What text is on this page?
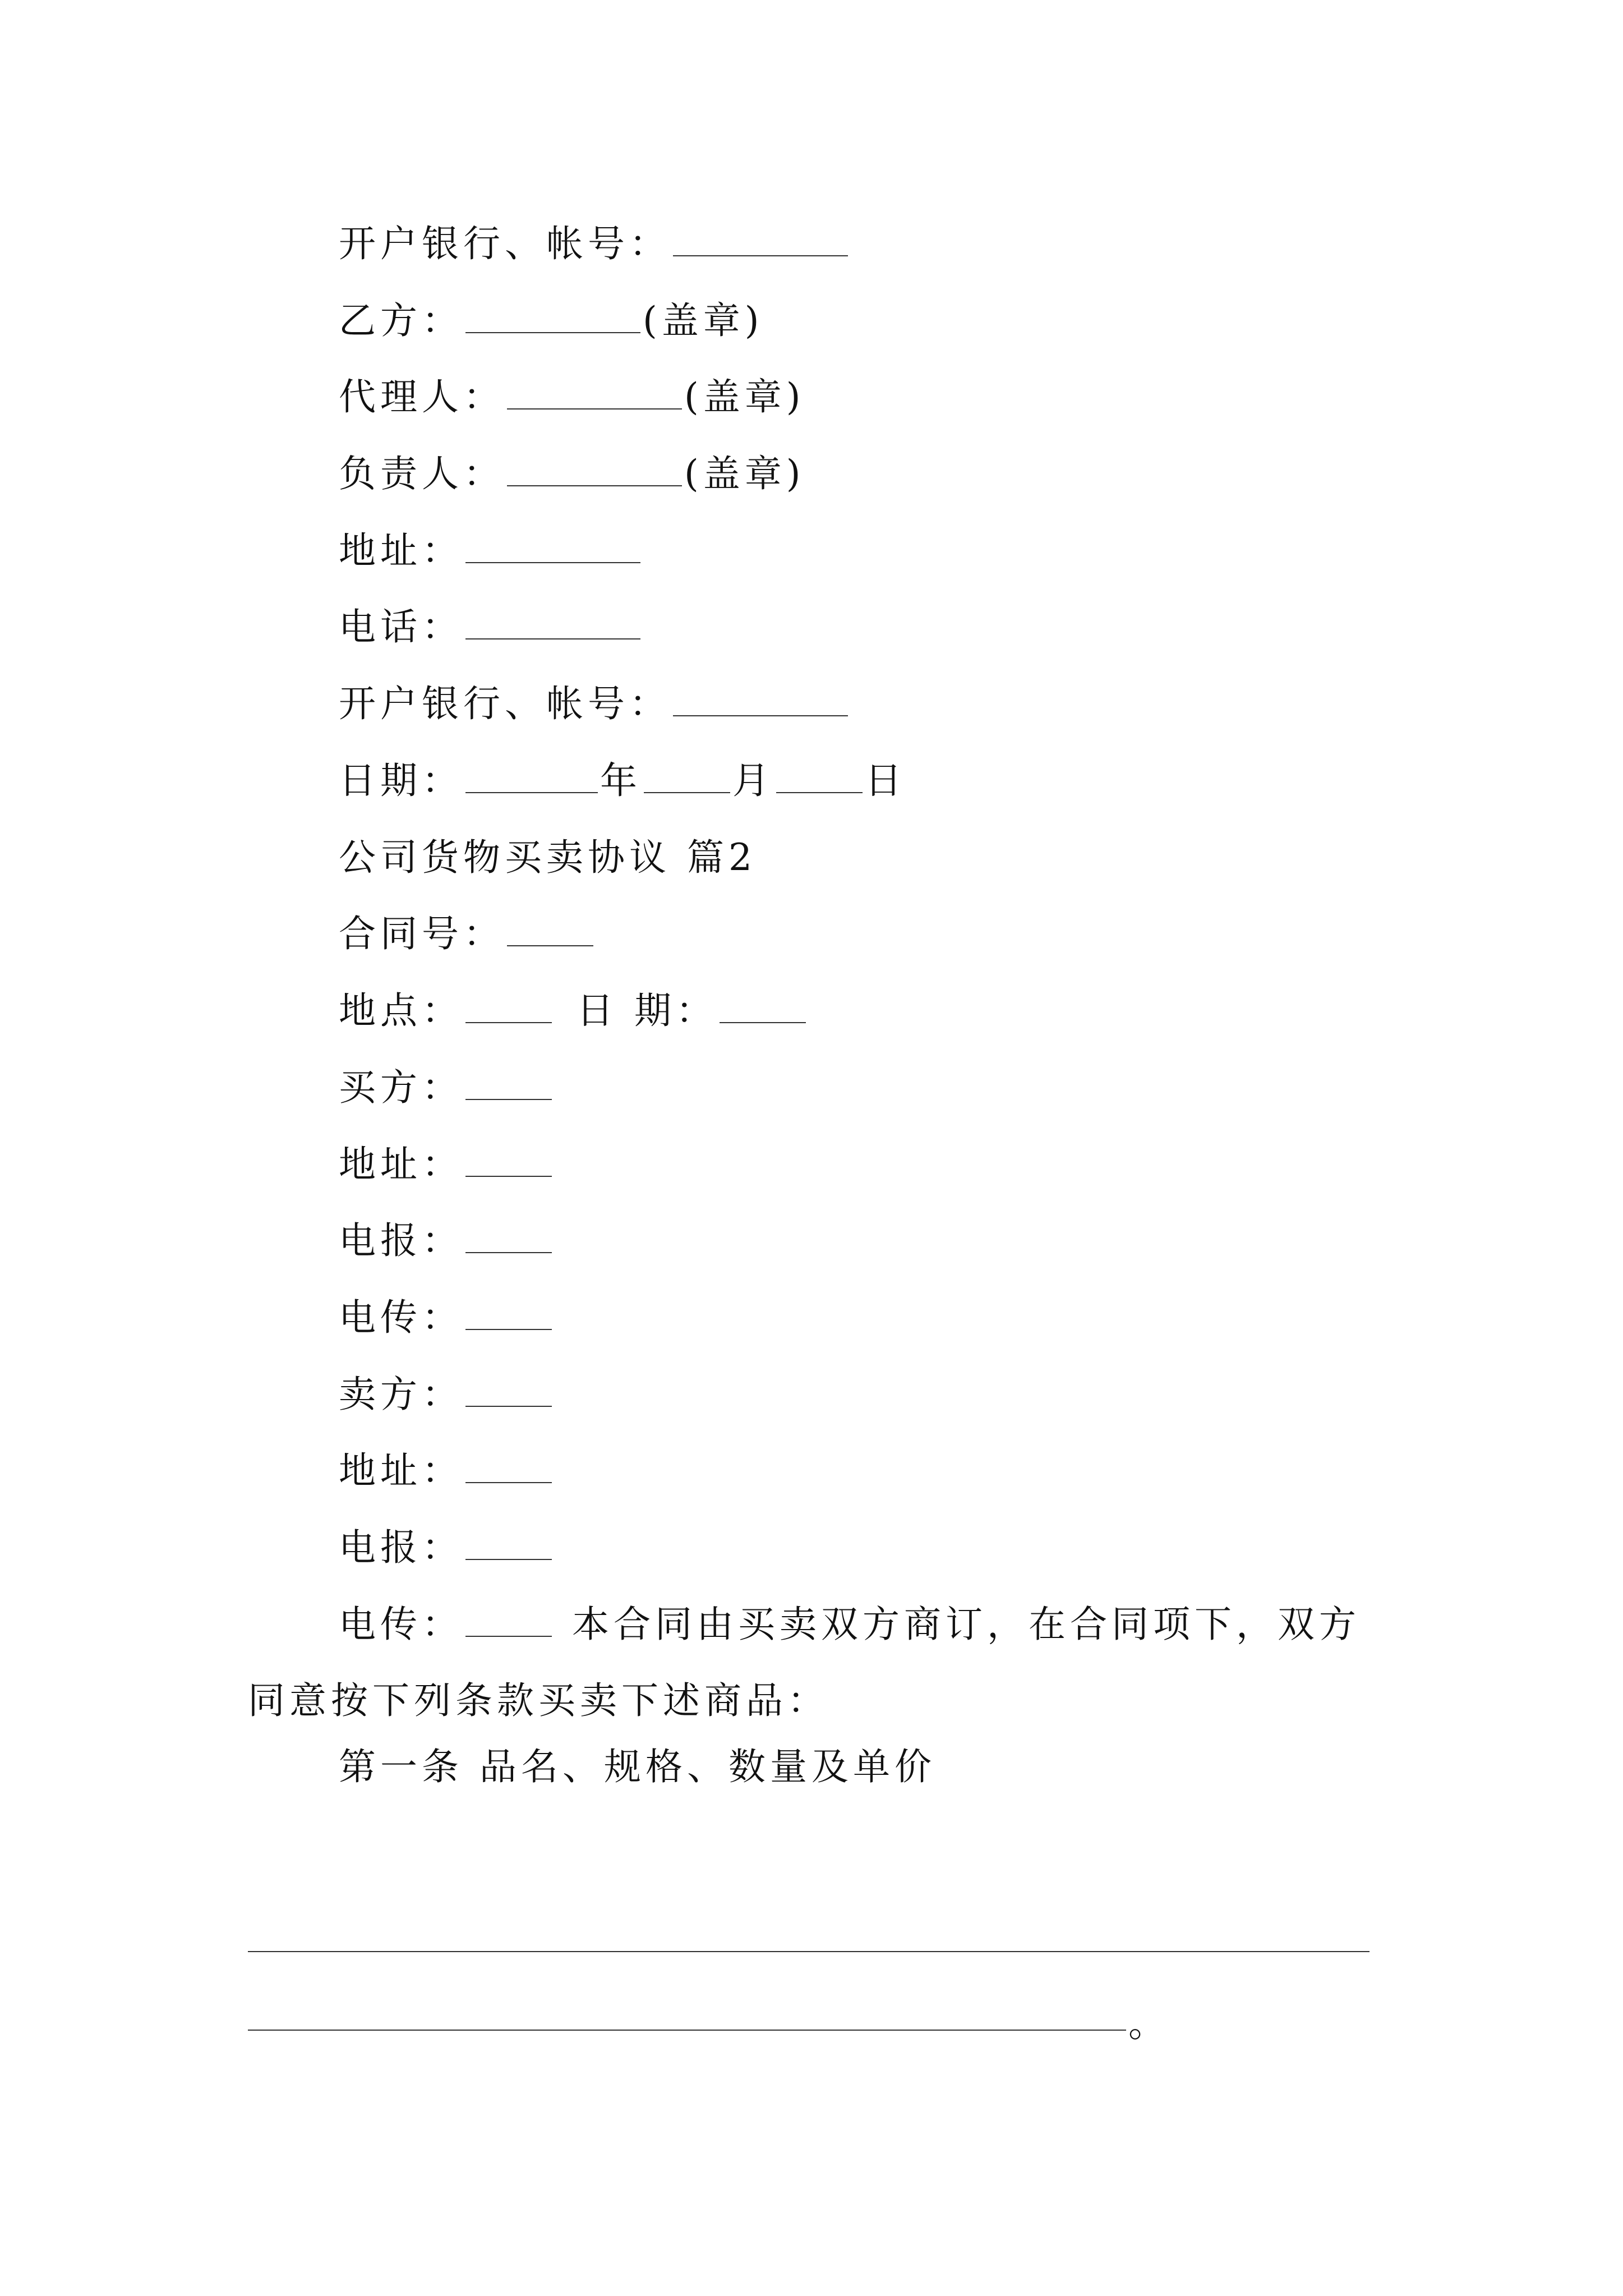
开户银行、帐号：
乙方：	(盖章)
代理人：	(盖章)
负责人：	(盖章)
地址：
电话：
开户银行、帐号：
日期：	年 月 日
公司货物买卖协议 篇2
合同号：
地点：	日 期：
买方：
地址：
电报：
电传：
卖方：
地址：
电报：
电传：	本合同由买卖双方商订，在合同项下，双方同意按下列条款买卖下述商品：
第一条 品名、规格、数量及单价
。
